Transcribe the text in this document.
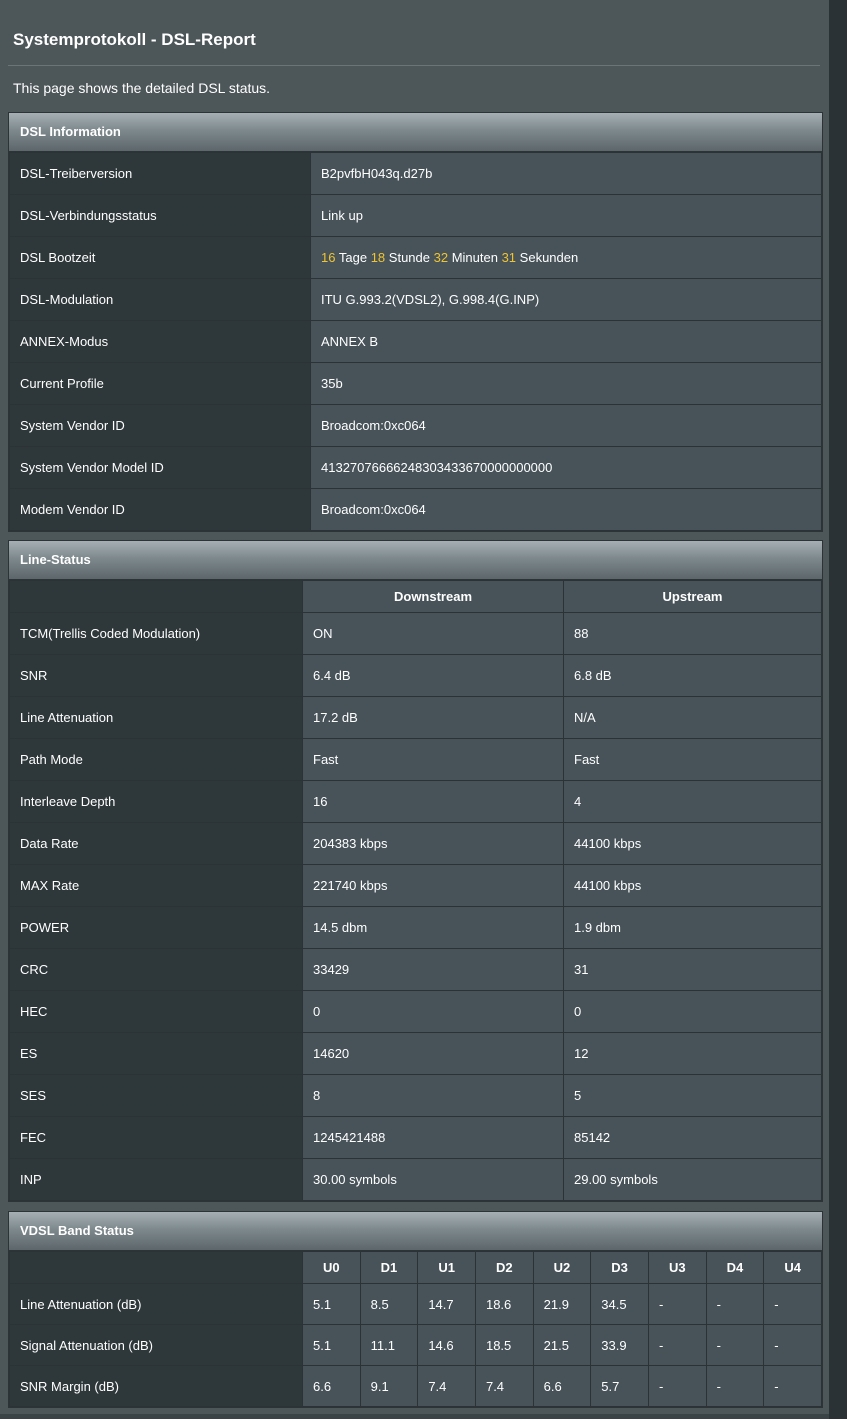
Systemprotokoll - DSL-Report
This page shows the detailed DSL status.
DSL Information
DSL-Treiberversion	B2pvfbH043q.d27b
DSL-Verbindungsstatus	Link up
DSL Bootzeit	16 Tage 18 Stunde 32 Minuten 31 Sekunden
DSL-Modulation	ITU G.993.2(VDSL2), G.998.4(G.INP)
ANNEX-Modus	ANNEX B
Current Profile	35b
System Vendor ID	Broadcom:0xc064
System Vendor Model ID	41327076666248303433670000000000
Modem Vendor ID	Broadcom:0xc064
Line-Status
	Downstream	Upstream
TCM(Trellis Coded Modulation)	ON	88
SNR	6.4 dB	6.8 dB
Line Attenuation	17.2 dB	N/A
Path Mode	Fast	Fast
Interleave Depth	16	4
Data Rate	204383 kbps	44100 kbps
MAX Rate	221740 kbps	44100 kbps
POWER	14.5 dbm	1.9 dbm
CRC	33429	31
HEC	0	0
ES	14620	12
SES	8	5
FEC	1245421488	85142
INP	30.00 symbols	29.00 symbols
VDSL Band Status
	U0	D1	U1	D2	U2	D3	U3	D4	U4
Line Attenuation (dB)	5.1	8.5	14.7	18.6	21.9	34.5	-	-	-
Signal Attenuation (dB)	5.1	11.1	14.6	18.5	21.5	33.9	-	-	-
SNR Margin (dB)	6.6	9.1	7.4	7.4	6.6	5.7	-	-	-
